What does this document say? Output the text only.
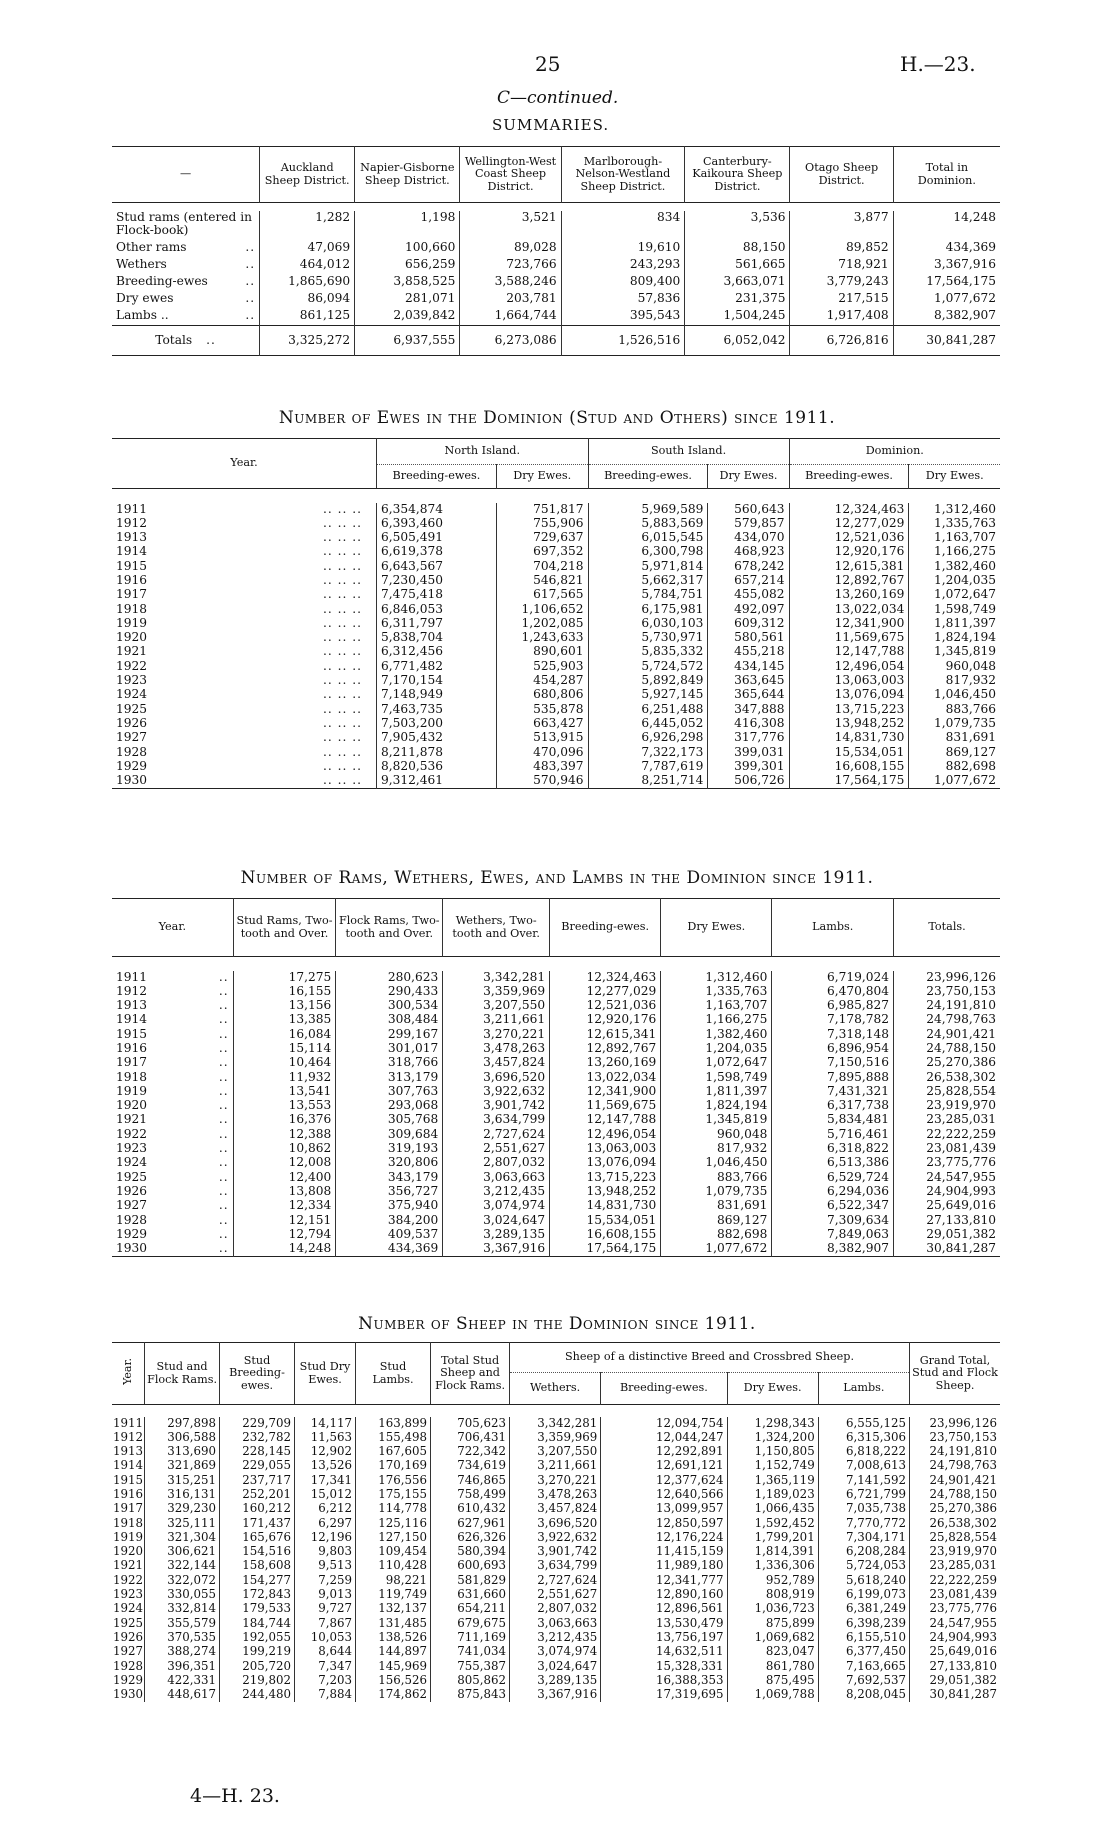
25	H.—23.
C—continued.
SUMMARIES.
—	Auckland Sheep District.	Napier-Gisborne Sheep District.	Wellington-West Coast Sheep District.	Marlborough-Nelson-Westland Sheep District.	Canterbury-Kaikoura Sheep District.	Otago Sheep District.	Total in Dominion.

Stud rams (entered in Flock-book)	1,282	1,198	3,521	834	3,536	3,877	14,248
Other rams ..	47,069	100,660	89,028	19,610	88,150	89,852	434,369
Wethers ..	464,012	656,259	723,766	243,293	561,665	718,921	3,367,916
Breeding-ewes ..	1,865,690	3,858,525	3,588,246	809,400	3,663,071	3,779,243	17,564,175
Dry ewes ..	86,094	281,071	203,781	57,836	231,375	217,515	1,077,672
Lambs .. ..	861,125	2,039,842	1,664,744	395,543	1,504,245	1,917,408	8,382,907
Totals ..	3,325,272	6,937,555	6,273,086	1,526,516	6,052,042	6,726,816	30,841,287
Number of Ewes in the Dominion (Stud and Others) since 1911.
Year.	North Island.		South Island.		Dominion.	
	Breeding-ewes.	Dry Ewes.	Breeding-ewes.	Dry Ewes.	Breeding-ewes.	Dry Ewes.

1911 .. .. ..	6,354,874	751,817	5,969,589	560,643	12,324,463	1,312,460
1912 .. .. ..	6,393,460	755,906	5,883,569	579,857	12,277,029	1,335,763
1913 .. .. ..	6,505,491	729,637	6,015,545	434,070	12,521,036	1,163,707
1914 .. .. ..	6,619,378	697,352	6,300,798	468,923	12,920,176	1,166,275
1915 .. .. ..	6,643,567	704,218	5,971,814	678,242	12,615,381	1,382,460
1916 .. .. ..	7,230,450	546,821	5,662,317	657,214	12,892,767	1,204,035
1917 .. .. ..	7,475,418	617,565	5,784,751	455,082	13,260,169	1,072,647
1918 .. .. ..	6,846,053	1,106,652	6,175,981	492,097	13,022,034	1,598,749
1919 .. .. ..	6,311,797	1,202,085	6,030,103	609,312	12,341,900	1,811,397
1920 .. .. ..	5,838,704	1,243,633	5,730,971	580,561	11,569,675	1,824,194
1921 .. .. ..	6,312,456	890,601	5,835,332	455,218	12,147,788	1,345,819
1922 .. .. ..	6,771,482	525,903	5,724,572	434,145	12,496,054	960,048
1923 .. .. ..	7,170,154	454,287	5,892,849	363,645	13,063,003	817,932
1924 .. .. ..	7,148,949	680,806	5,927,145	365,644	13,076,094	1,046,450
1925 .. .. ..	7,463,735	535,878	6,251,488	347,888	13,715,223	883,766
1926 .. .. ..	7,503,200	663,427	6,445,052	416,308	13,948,252	1,079,735
1927 .. .. ..	7,905,432	513,915	6,926,298	317,776	14,831,730	831,691
1928 .. .. ..	8,211,878	470,096	7,322,173	399,031	15,534,051	869,127
1929 .. .. ..	8,820,536	483,397	7,787,619	399,301	16,608,155	882,698
1930 .. .. ..	9,312,461	570,946	8,251,714	506,726	17,564,175	1,077,672
Number of Rams, Wethers, Ewes, and Lambs in the Dominion since 1911.
Year.	Stud Rams, Two-tooth and Over.	Flock Rams, Two-tooth and Over.	Wethers, Two-tooth and Over.	Breeding-ewes.	Dry Ewes.	Lambs.	Totals.

1911 ..	17,275	280,623	3,342,281	12,324,463	1,312,460	6,719,024	23,996,126
1912 ..	16,155	290,433	3,359,969	12,277,029	1,335,763	6,470,804	23,750,153
1913 ..	13,156	300,534	3,207,550	12,521,036	1,163,707	6,985,827	24,191,810
1914 ..	13,385	308,484	3,211,661	12,920,176	1,166,275	7,178,782	24,798,763
1915 ..	16,084	299,167	3,270,221	12,615,341	1,382,460	7,318,148	24,901,421
1916 ..	15,114	301,017	3,478,263	12,892,767	1,204,035	6,896,954	24,788,150
1917 ..	10,464	318,766	3,457,824	13,260,169	1,072,647	7,150,516	25,270,386
1918 ..	11,932	313,179	3,696,520	13,022,034	1,598,749	7,895,888	26,538,302
1919 ..	13,541	307,763	3,922,632	12,341,900	1,811,397	7,431,321	25,828,554
1920 ..	13,553	293,068	3,901,742	11,569,675	1,824,194	6,317,738	23,919,970
1921 ..	16,376	305,768	3,634,799	12,147,788	1,345,819	5,834,481	23,285,031
1922 ..	12,388	309,684	2,727,624	12,496,054	960,048	5,716,461	22,222,259
1923 ..	10,862	319,193	2,551,627	13,063,003	817,932	6,318,822	23,081,439
1924 ..	12,008	320,806	2,807,032	13,076,094	1,046,450	6,513,386	23,775,776
1925 ..	12,400	343,179	3,063,663	13,715,223	883,766	6,529,724	24,547,955
1926 ..	13,808	356,727	3,212,435	13,948,252	1,079,735	6,294,036	24,904,993
1927 ..	12,334	375,940	3,074,974	14,831,730	831,691	6,522,347	25,649,016
1928 ..	12,151	384,200	3,024,647	15,534,051	869,127	7,309,634	27,133,810
1929 ..	12,794	409,537	3,289,135	16,608,155	882,698	7,849,063	29,051,382
1930 ..	14,248	434,369	3,367,916	17,564,175	1,077,672	8,382,907	30,841,287
Number of Sheep in the Dominion since 1911.
Year.	Stud and Flock Rams.	Stud Breeding-ewes.	Stud Dry Ewes.	Stud Lambs.	Total Stud Sheep and Flock Rams.	Sheep of a distinctive Breed and Crossbred Sheep.				Grand Total, Stud and Flock Sheep.
						Wethers.	Breeding-ewes.	Dry Ewes.	Lambs.	

1911	297,898	229,709	14,117	163,899	705,623	3,342,281	12,094,754	1,298,343	6,555,125	23,996,126
1912	306,588	232,782	11,563	155,498	706,431	3,359,969	12,044,247	1,324,200	6,315,306	23,750,153
1913	313,690	228,145	12,902	167,605	722,342	3,207,550	12,292,891	1,150,805	6,818,222	24,191,810
1914	321,869	229,055	13,526	170,169	734,619	3,211,661	12,691,121	1,152,749	7,008,613	24,798,763
1915	315,251	237,717	17,341	176,556	746,865	3,270,221	12,377,624	1,365,119	7,141,592	24,901,421
1916	316,131	252,201	15,012	175,155	758,499	3,478,263	12,640,566	1,189,023	6,721,799	24,788,150
1917	329,230	160,212	6,212	114,778	610,432	3,457,824	13,099,957	1,066,435	7,035,738	25,270,386
1918	325,111	171,437	6,297	125,116	627,961	3,696,520	12,850,597	1,592,452	7,770,772	26,538,302
1919	321,304	165,676	12,196	127,150	626,326	3,922,632	12,176,224	1,799,201	7,304,171	25,828,554
1920	306,621	154,516	9,803	109,454	580,394	3,901,742	11,415,159	1,814,391	6,208,284	23,919,970
1921	322,144	158,608	9,513	110,428	600,693	3,634,799	11,989,180	1,336,306	5,724,053	23,285,031
1922	322,072	154,277	7,259	98,221	581,829	2,727,624	12,341,777	952,789	5,618,240	22,222,259
1923	330,055	172,843	9,013	119,749	631,660	2,551,627	12,890,160	808,919	6,199,073	23,081,439
1924	332,814	179,533	9,727	132,137	654,211	2,807,032	12,896,561	1,036,723	6,381,249	23,775,776
1925	355,579	184,744	7,867	131,485	679,675	3,063,663	13,530,479	875,899	6,398,239	24,547,955
1926	370,535	192,055	10,053	138,526	711,169	3,212,435	13,756,197	1,069,682	6,155,510	24,904,993
1927	388,274	199,219	8,644	144,897	741,034	3,074,974	14,632,511	823,047	6,377,450	25,649,016
1928	396,351	205,720	7,347	145,969	755,387	3,024,647	15,328,331	861,780	7,163,665	27,133,810
1929	422,331	219,802	7,203	156,526	805,862	3,289,135	16,388,353	875,495	7,692,537	29,051,382
1930	448,617	244,480	7,884	174,862	875,843	3,367,916	17,319,695	1,069,788	8,208,045	30,841,287
4—H. 23.
